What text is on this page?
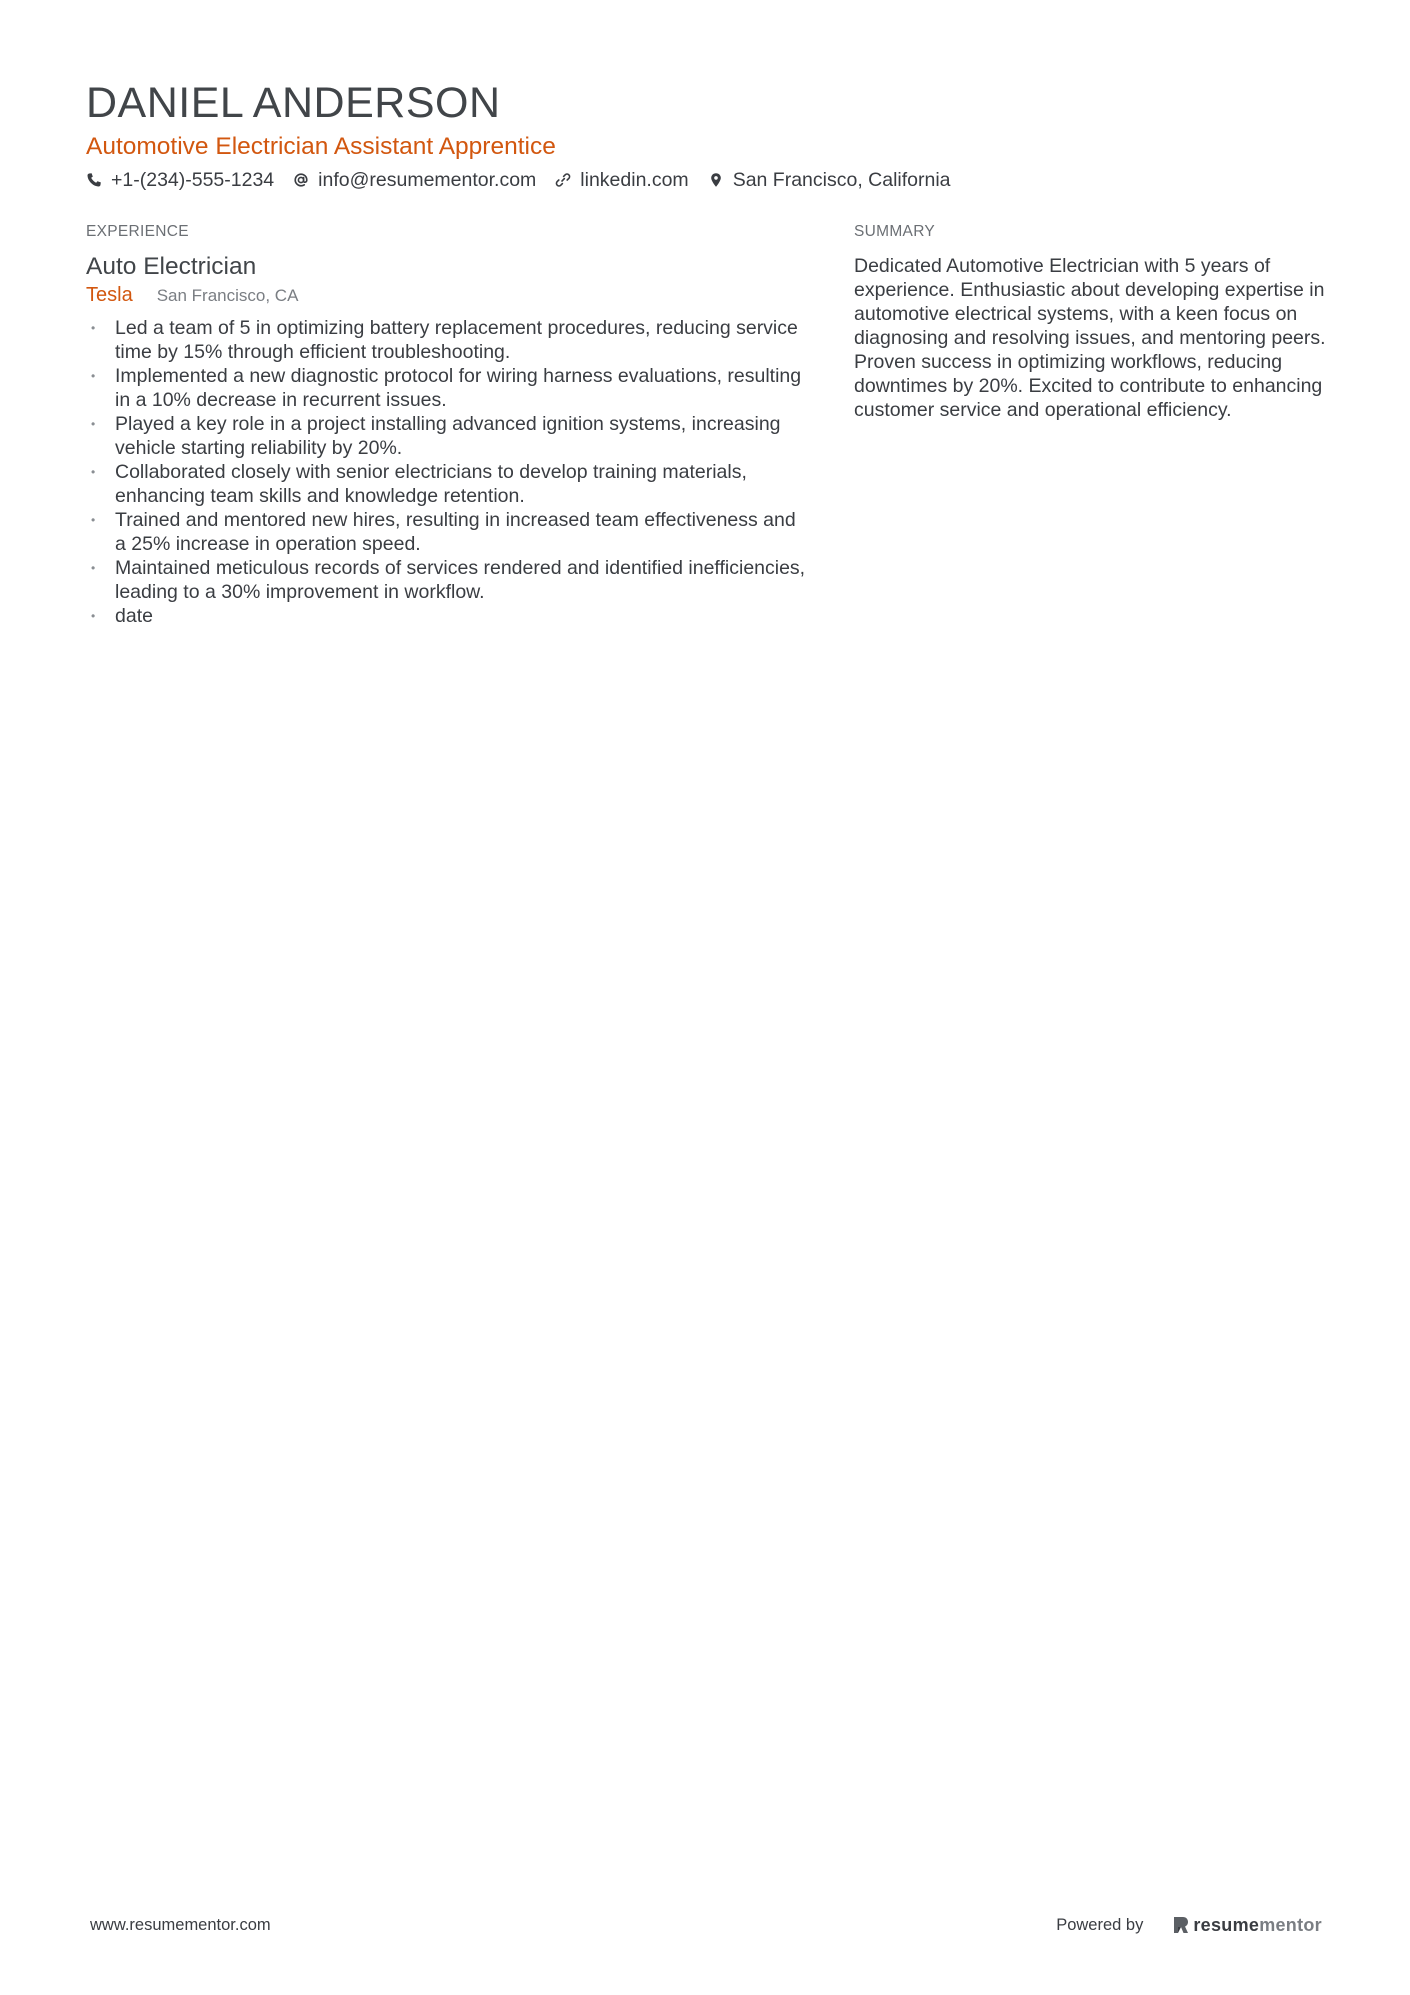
DANIEL ANDERSON
Automotive Electrician Assistant Apprentice
+1-(234)-555-1234 info@resumementor.com linkedin.com San Francisco, California
EXPERIENCE
Auto Electrician
Tesla San Francisco, CA
• Led a team of 5 in optimizing battery replacement procedures, reducing service time by 15% through efficient troubleshooting.
• Implemented a new diagnostic protocol for wiring harness evaluations, resulting in a 10% decrease in recurrent issues.
• Played a key role in a project installing advanced ignition systems, increasing vehicle starting reliability by 20%.
• Collaborated closely with senior electricians to develop training materials, enhancing team skills and knowledge retention.
• Trained and mentored new hires, resulting in increased team effectiveness and a 25% increase in operation speed.
• Maintained meticulous records of services rendered and identified inefficiencies, leading to a 30% improvement in workflow.
• date
SUMMARY
Dedicated Automotive Electrician with 5 years of experience. Enthusiastic about developing expertise in automotive electrical systems, with a keen focus on diagnosing and resolving issues, and mentoring peers. Proven success in optimizing workflows, reducing downtimes by 20%. Excited to contribute to enhancing customer service and operational efficiency.
www.resumementor.com	Powered by	resumementor
